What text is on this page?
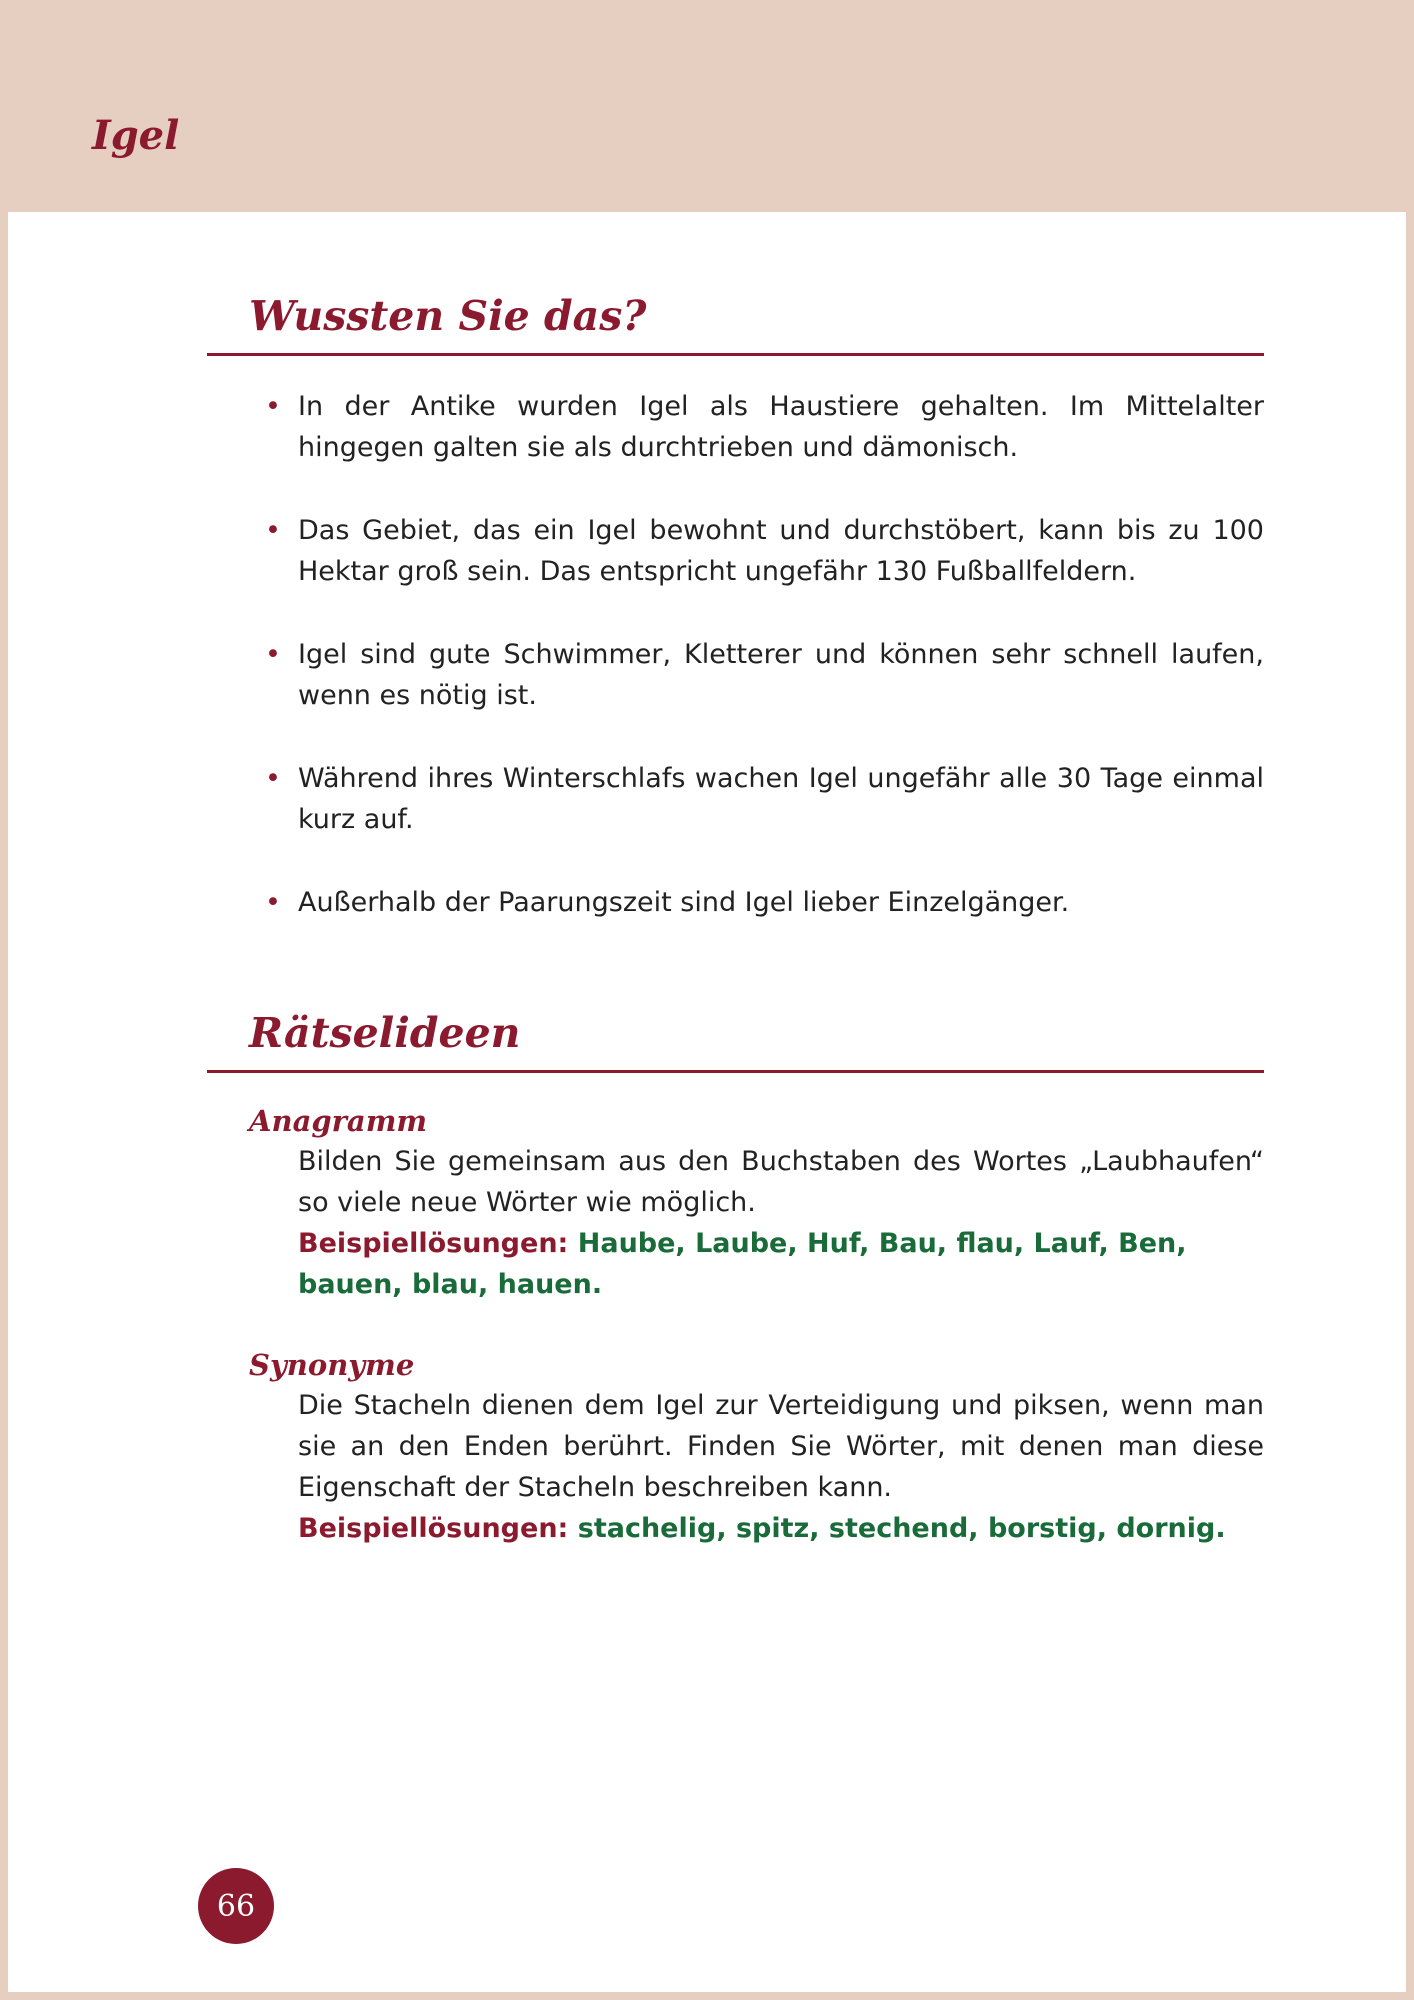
Igel
Wussten Sie das?
• In der Antike wurden Igel als Haustiere gehalten. Im Mittelalter hingegen galten sie als durchtrieben und dämonisch.
• Das Gebiet, das ein Igel bewohnt und durchstöbert, kann bis zu 100 Hektar groß sein. Das entspricht ungefähr 130 Fußballfeldern.
• Igel sind gute Schwimmer, Kletterer und können sehr schnell laufen, wenn es nötig ist.
• Während ihres Winterschlafs wachen Igel ungefähr alle 30 Tage einmal kurz auf.
• Außerhalb der Paarungszeit sind Igel lieber Einzelgänger.
Rätselideen
Anagramm

Bilden Sie gemeinsam aus den Buchstaben des Wortes „Laubhaufen“ so viele neue Wörter wie möglich.

Beispiellösungen: Haube, Laube, Huf, Bau, flau, Lauf, Ben, bauen, blau, hauen.

Synonyme

Die Stacheln dienen dem Igel zur Verteidigung und piksen, wenn man sie an den Enden berührt. Finden Sie Wörter, mit denen man diese Eigenschaft der Stacheln beschreiben kann.

Beispiellösungen: stachelig, spitz, stechend, borstig, dornig.

66
